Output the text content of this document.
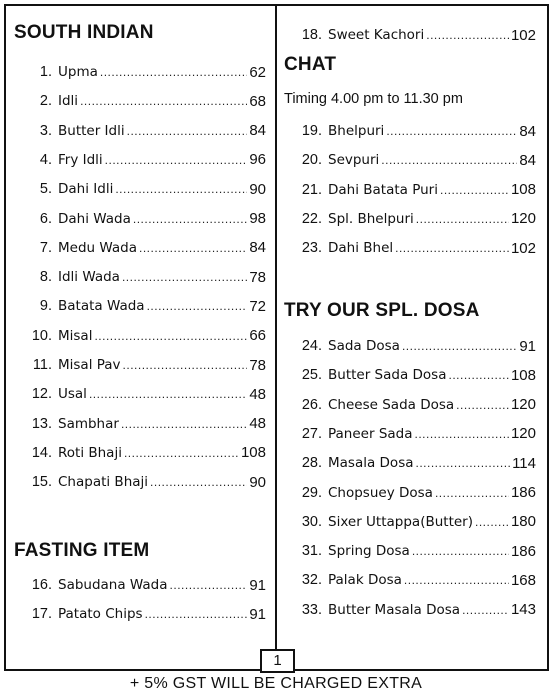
SOUTH INDIAN
1. Upma .....	62
2. Idli .....	68
3. Butter Idli .....	84
4. Fry Idli .....	96
5. Dahi Idli .....	90
6. Dahi Wada .....	98
7. Medu Wada .....	84
8. Idli Wada .....	78
9. Batata Wada .....	72
10. Misal .....	66
11. Misal Pav .....	78
12. Usal .....	48
13. Sambhar .....	48
14. Roti Bhaji .....	108
15. Chapati Bhaji .....	90
FASTING ITEM
16. Sabudana Wada .....	91
17. Patato Chips .....	91
18. Sweet Kachori .....	102
CHAT
Timing 4.00 pm to 11.30 pm
19. Bhelpuri .....	84
20. Sevpuri .....	84
21. Dahi Batata Puri .....	108
22. Spl. Bhelpuri .....	120
23. Dahi Bhel .....	102
TRY OUR SPL. DOSA
24. Sada Dosa .....	91
25. Butter Sada Dosa .....	108
26. Cheese Sada Dosa .....	120
27. Paneer Sada .....	120
28. Masala Dosa .....	114
29. Chopsuey Dosa .....	186
30. Sixer Uttappa(Butter) .....	180
31. Spring Dosa .....	186
32. Palak Dosa .....	168
33. Butter Masala Dosa .....	143
1
+ 5% GST WILL BE CHARGED EXTRA
